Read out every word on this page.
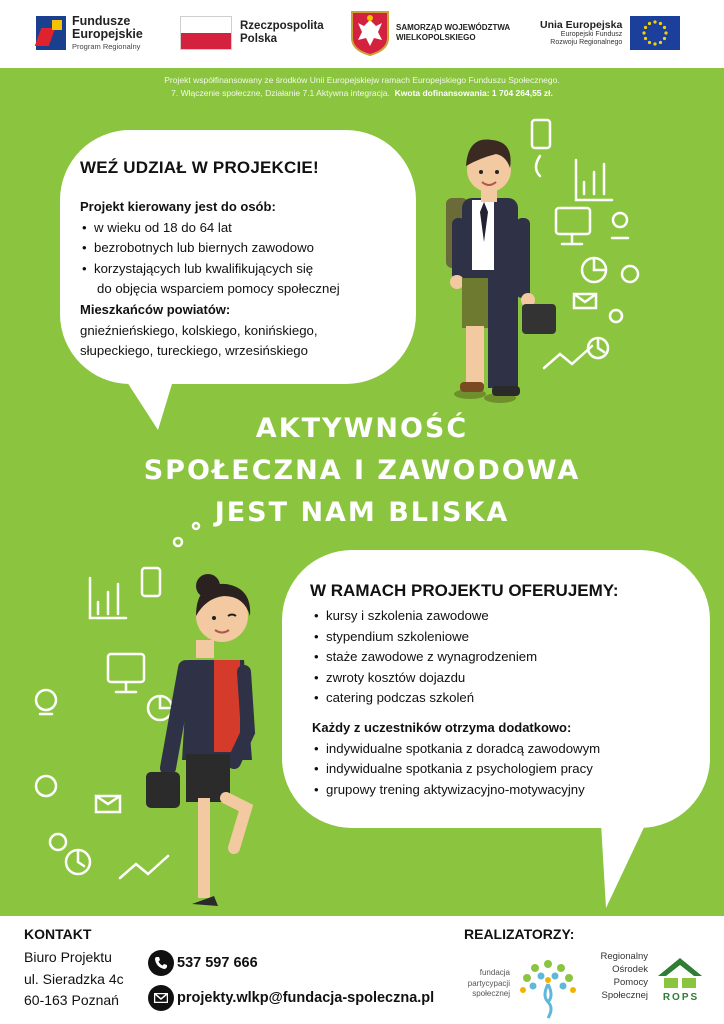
Fundusze
Europejskie
Program Regionalny
Rzeczpospolita
Polska
SAMORZĄD WOJEWÓDZTWA
WIELKOPOLSKIEGO
Unia Europejska
Europejski Fundusz
Rozwoju Regionalnego
Projekt współfinansowany ze środków Unii Europejskiejw ramach Europejskiego Funduszu Społecznego.
7. Włączenie społeczne, Działanie 7.1 Aktywna integracja. Kwota dofinansowania: 1 704 264,55 zł.
WEŹ UDZIAŁ W PROJEKCIE!
Projekt kierowany jest do osób:
• w wieku od 18 do 64 lat
• bezrobotnych lub biernych zawodowo
• korzystających lub kwalifikujących się
do objęcia wsparciem pomocy społecznej
Mieszkańców powiatów:
gnieźnieńskiego, kolskiego, konińskiego,
słupeckiego, tureckiego, wrzesińskiego
AKTYWNOŚĆ
SPOŁECZNA I ZAWODOWA
JEST NAM BLISKA
W RAMACH PROJEKTU OFERUJEMY:
• kursy i szkolenia zawodowe
• stypendium szkoleniowe
• staże zawodowe z wynagrodzeniem
• zwroty kosztów dojazdu
• catering podczas szkoleń
Każdy z uczestników otrzyma dodatkowo:
• indywidualne spotkania z doradcą zawodowym
• indywidualne spotkania z psychologiem pracy
• grupowy trening aktywizacyjno-motywacyjny
KONTAKT
Biuro Projektu
ul. Sieradzka 4c
60-163 Poznań
537 597 666
projekty.wlkp@fundacja-spoleczna.pl
REALIZATORZY:
fundacja
partycypacji
społecznej
Regionalny
Ośrodek
Pomocy
Społecznej	ROPS
